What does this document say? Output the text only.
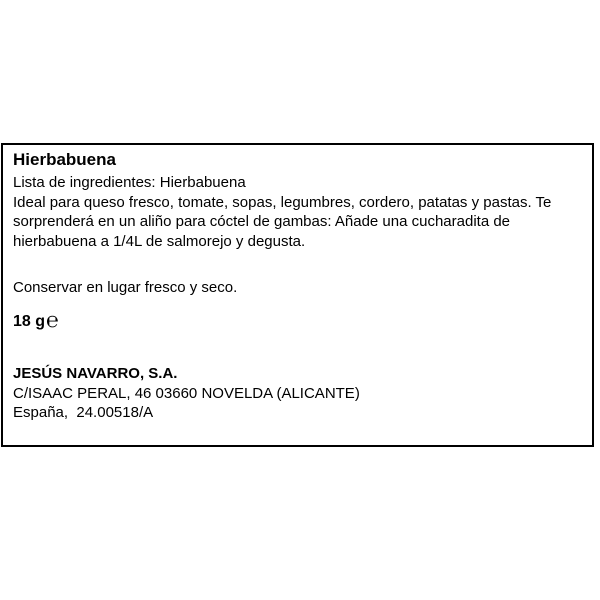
Hierbabuena

Lista de ingredientes: Hierbabuena

Ideal para queso fresco, tomate, sopas, legumbres, cordero, patatas y pastas. Te sorprenderá en un aliño para cóctel de gambas: Añade una cucharadita de hierbabuena a 1/4L de salmorejo y degusta.

Conservar en lugar fresco y seco.

18 g ℮
JESÚS NAVARRO, S.A.

C/ISAAC PERAL, 46 03660 NOVELDA (ALICANTE)

España,  24.00518/A
